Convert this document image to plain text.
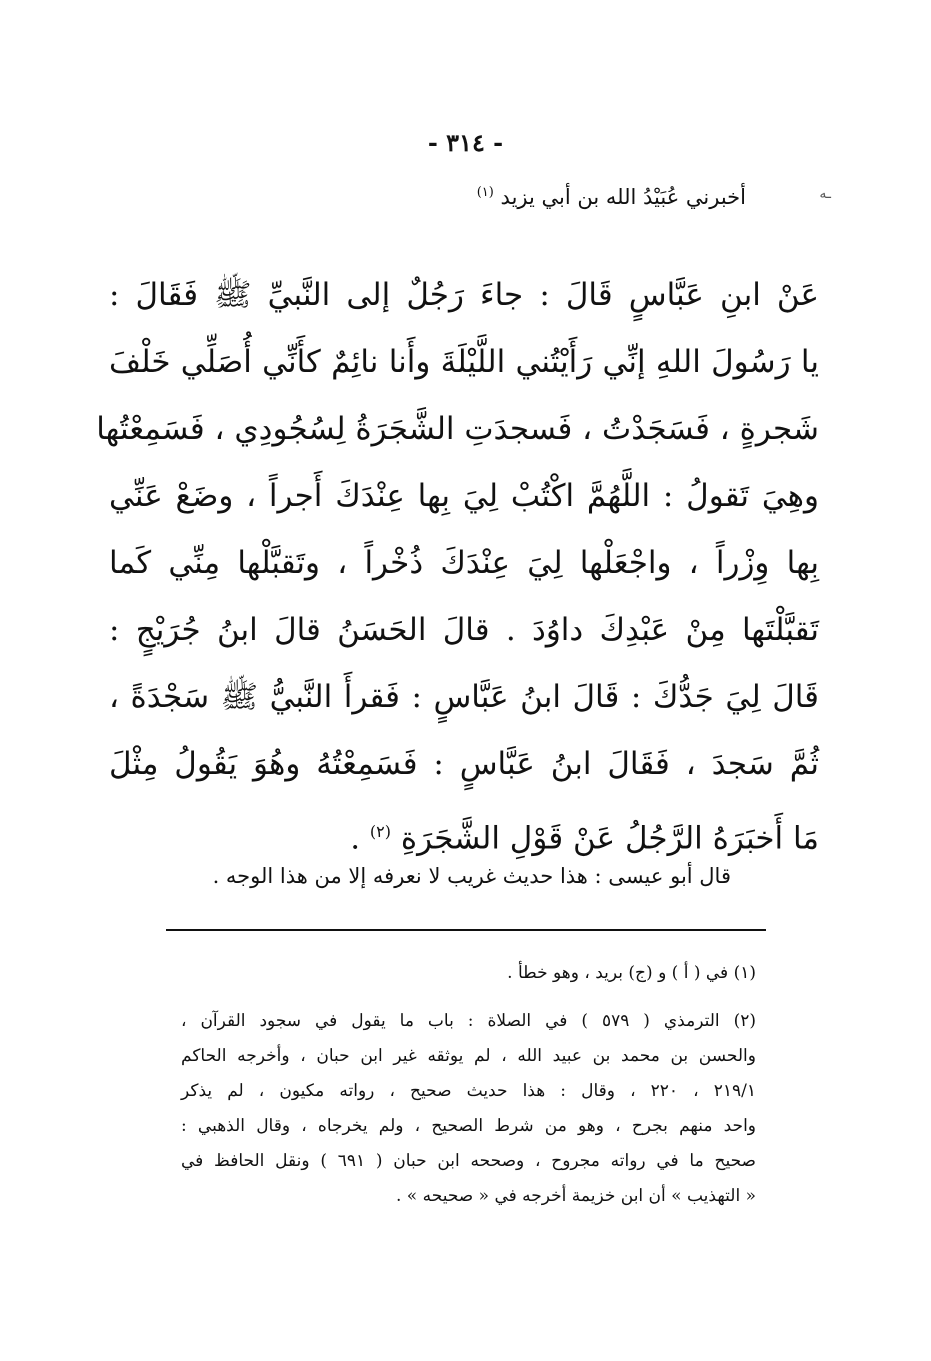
- ٣١٤ -
ـه
أخبرني عُبَيْدُ الله بن أبي يزيد $^{(١)}$
عَنْ ابنِ عَبَّاسٍ قَالَ : جاءَ رَجُلٌ إلى النَّبيِّ ﷺ فَقَالَ :
يا رَسُولَ اللهِ إنِّي رَأَيْتُني اللَّيْلَةَ وأَنا نائِمٌ كأَنِّي أُصَلِّي خَلْفَ
شَجرةٍ ، فَسَجَدْتُ ، فَسجدَتِ الشَّجَرَةُ لِسُجُودِي ، فَسَمِعْتُها
وهِيَ تَقولُ : اللَّهُمَّ اكْتُبْ لِيَ بِها عِنْدَكَ أَجراً ، وضَعْ عَنِّي
بِها وِزْراً ، واجْعَلْها لِيَ عِنْدَكَ ذُخْراً ، وتَقبَّلْها مِنِّي كَما
تَقبَّلْتَها مِنْ عَبْدِكَ داوُدَ . قالَ الحَسَنُ قالَ ابنُ جُرَيْجٍ :
قَالَ لِيَ جَدُّكَ : قَالَ ابنُ عَبَّاسٍ : فَقرأَ النَّبيُّ ﷺ سَجْدَةً ،
ثُمَّ سَجدَ ، فَقَالَ ابنُ عَبَّاسٍ : فَسَمِعْتُهُ وهُوَ يَقُولُ مِثْلَ
مَا أَخبَرَهُ الرَّجُلُ عَنْ قَوْلِ الشَّجَرَةِ $^{(٢)}$ .
قال أبو عيسى : هذا حديث غريب لا نعرفه إلا من هذا الوجه .
(١) في ( أ ) و (ج) بريد ، وهو خطأ .
(٢) الترمذي ( ٥٧٩ ) في الصلاة : باب ما يقول في سجود القرآن ،
والحسن بن محمد بن عبيد الله ، لم يوثقه غير ابن حبان ، وأخرجه الحاكم
٢١٩/١ ، ٢٢٠ ، وقال : هذا حديث صحيح ، رواته مكيون ، لم يذكر
واحد منهم بجرح ، وهو من شرط الصحيح ، ولم يخرجاه ، وقال الذهبي :
صحيح ما في رواته مجروح ، وصححه ابن حبان ( ٦٩١ ) ونقل الحافظ في
« التهذيب » أن ابن خزيمة أخرجه في « صحيحه » .
